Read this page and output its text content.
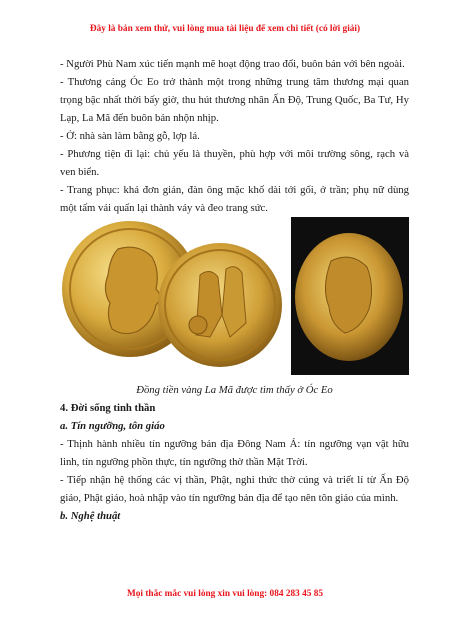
Đây là bản xem thử, vui lòng mua tài liệu để xem chi tiết (có lời giải)

- Người Phù Nam xúc tiến mạnh mẽ hoạt động trao đổi, buôn bán với bên ngoài.

- Thương cảng Óc Eo trở thành một trong những trung tâm thương mại quan trọng bậc nhất thời bấy giờ, thu hút thương nhân Ấn Độ, Trung Quốc, Ba Tư, Hy Lạp, La Mã đến buôn bán nhộn nhịp.

- Ở: nhà sàn làm bằng gỗ, lợp lá.

- Phương tiện đi lại: chủ yếu là thuyền, phù hợp với môi trường sông, rạch và ven biển.

- Trang phục: khá đơn giản, đàn ông mặc khố dài tới gối, ở trần; phụ nữ dùng một tấm vải quấn lại thành váy và đeo trang sức.

Đồng tiền vàng La Mã được tìm thấy ở Óc Eo

4. Đời sống tinh thần

a. Tín ngưỡng, tôn giáo

- Thịnh hành nhiều tín ngưỡng bản địa Đông Nam Á: tín ngưỡng vạn vật hữu linh, tín ngưỡng phồn thực, tín ngưỡng thờ thần Mặt Trời.

- Tiếp nhận hệ thống các vị thần, Phật, nghi thức thờ cúng và triết lí từ Ấn Độ giáo, Phật giáo, hoà nhập vào tín ngưỡng bản địa để tạo nên tôn giáo của mình.

b. Nghệ thuật

Mọi thắc mắc vui lòng xin vui lòng: 084 283 45 85
